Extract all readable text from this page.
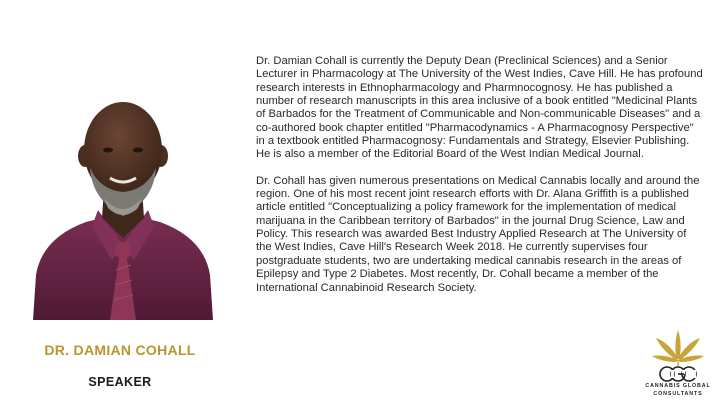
DR. DAMIAN COHALL
SPEAKER

Dr. Damian Cohall is currently the Deputy Dean (Preclinical Sciences) and a Senior Lecturer in Pharmacology at The University of the West Indies, Cave Hill. He has profound research interests in Ethnopharmacology and Pharmnocognosy. He has published a number of research manuscripts in this area inclusive of a book entitled "Medicinal Plants of Barbados for the Treatment of Communicable and Non-communicable Diseases" and a co-authored book chapter entitled "Pharmacodynamics - A Pharmacognosy Perspective" in a textbook entitled Pharmacognosy: Fundamentals and Strategy, Elsevier Publishing. He is also a member of the Editorial Board of the West Indian Medical Journal.

Dr. Cohall has given numerous presentations on Medical Cannabis locally and around the region. One of his most recent joint research efforts with Dr. Alana Griffith is a published article entitled "Conceptualizing a policy framework for the implementation of medical marijuana in the Caribbean territory of Barbados" in the journal Drug Science, Law and Policy. This research was awarded Best Industry Applied Research at The University of the West Indies, Cave Hill's Research Week 2018. He currently supervises four postgraduate students, two are undertaking medical cannabis research in the areas of Epilepsy and Type 2 Diabetes. Most recently, Dr. Cohall became a member of the International Cannabinoid Research Society.

CANNABIS GLOBAL
CONSULTANTS
